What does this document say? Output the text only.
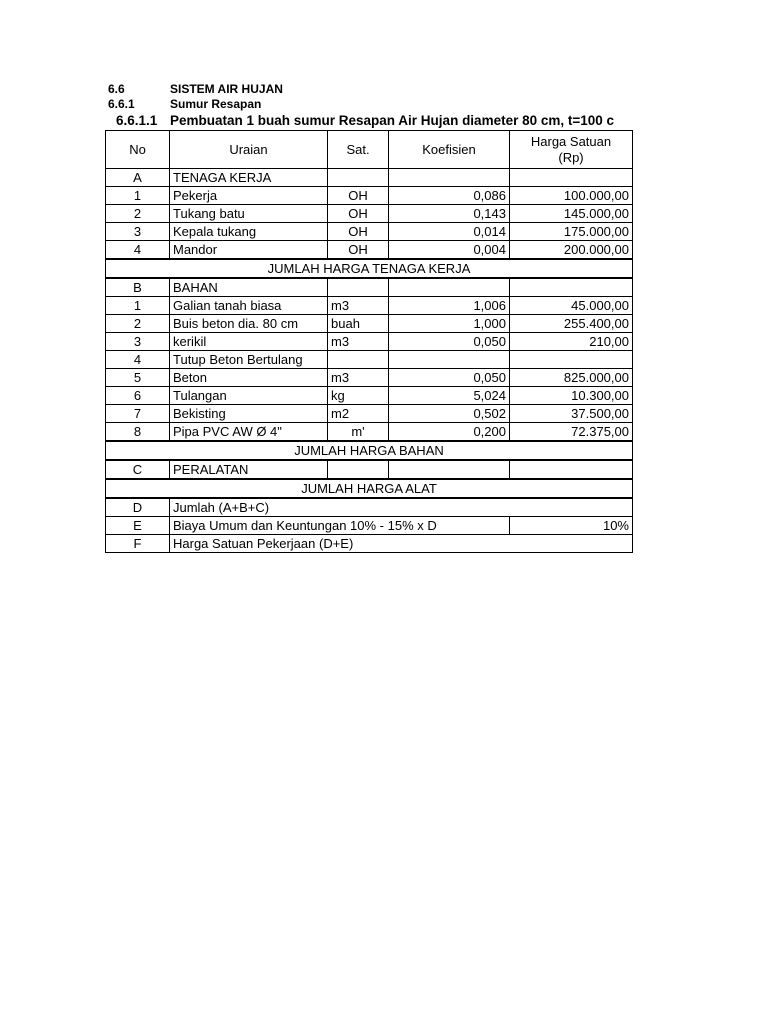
6.6	SISTEM AIR HUJAN
6.6.1	Sumur Resapan
6.6.1.1 Pembuatan 1 buah sumur Resapan Air Hujan diameter 80 cm, t=100 c
No	Uraian	Sat.	Koefisien	Harga Satuan
(Rp)
A	TENAGA KERJA			
1	Pekerja	OH	0,086	100.000,00
2	Tukang batu	OH	0,143	145.000,00
3	Kepala tukang	OH	0,014	175.000,00
4	Mandor	OH	0,004	200.000,00
JUMLAH HARGA TENAGA KERJA				
B	BAHAN			
1	Galian tanah biasa	m3	1,006	45.000,00
2	Buis beton dia. 80 cm	buah	1,000	255.400,00
3	kerikil	m3	0,050	210,00
4	Tutup Beton Bertulang			
5	Beton	m3	0,050	825.000,00
6	Tulangan	kg	5,024	10.300,00
7	Bekisting	m2	0,502	37.500,00
8	Pipa PVC AW Ø 4"	m'	0,200	72.375,00
JUMLAH HARGA BAHAN				
C	PERALATAN			
JUMLAH HARGA ALAT				
D	Jumlah (A+B+C)			
E	Biaya Umum dan Keuntungan 10% - 15% x D			10%
F	Harga Satuan Pekerjaan (D+E)			
